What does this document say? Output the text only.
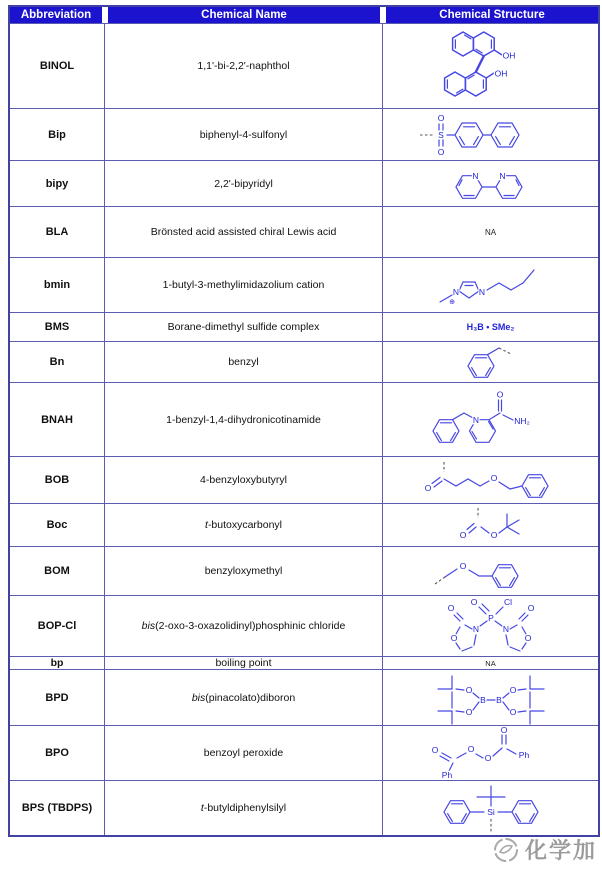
Abbreviation	Chemical Name	Chemical Structure
BINOL	1,1'-bi-2,2'-naphthol	OH
OH

Bip	biphenyl-4-sulfonyl	S
O
O

bipy	2,2'-bipyridyl	N N

BLA	Brönsted acid assisted chiral Lewis acid	NA

bmin	1-butyl-3-methylimidazolium cation	N N
⊕

BMS	Borane-dimethyl sulfide complex	H₃B • SMe₂

Bn	benzyl	

BNAH	1-benzyl-1,4-dihydronicotinamide	N
O
NH₂

BOB	4-benzyloxybutyryl	O
O

Boc	t-butoxycarbonyl	O O

BOM	benzyloxymethyl	O

BOP-Cl	bis(2-oxo-3-oxazolidinyl)phosphinic chloride	
P
O	Cl
N	N
O
O
O
O

bp	boiling point	NA

BPD	bis(pinacolato)diboron	B B
O
O
O
O

BPO	benzoyl peroxide	O
Ph
O
O
O
Ph

BPS (TBDPS)	t-butyldiphenylsilyl	Si
化学加
